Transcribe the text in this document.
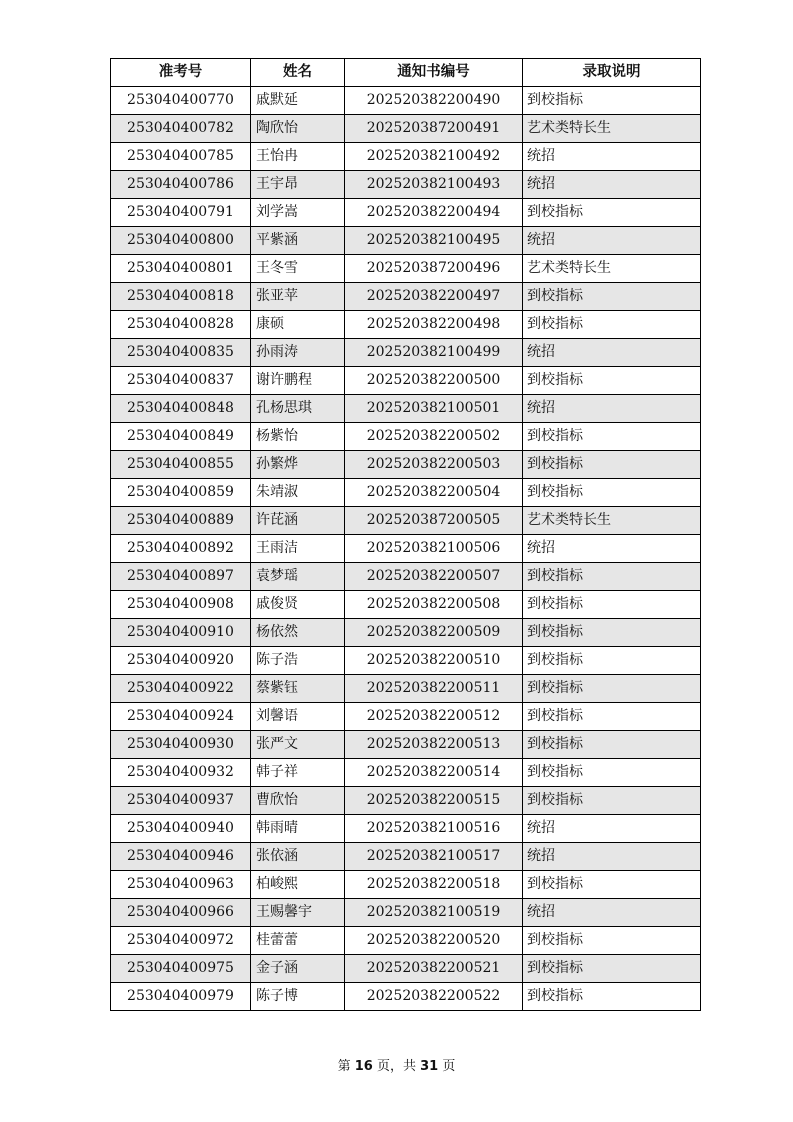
准考号	姓名	通知书编号	录取说明
253040400770	戚默延	202520382200490	到校指标
253040400782	陶欣怡	202520387200491	艺术类特长生
253040400785	王怡冉	202520382100492	统招
253040400786	王宇昂	202520382100493	统招
253040400791	刘学嵩	202520382200494	到校指标
253040400800	平紫涵	202520382100495	统招
253040400801	王冬雪	202520387200496	艺术类特长生
253040400818	张亚苹	202520382200497	到校指标
253040400828	康硕	202520382200498	到校指标
253040400835	孙雨涛	202520382100499	统招
253040400837	谢许鹏程	202520382200500	到校指标
253040400848	孔杨思琪	202520382100501	统招
253040400849	杨紫怡	202520382200502	到校指标
253040400855	孙繁烨	202520382200503	到校指标
253040400859	朱靖淑	202520382200504	到校指标
253040400889	许芘涵	202520387200505	艺术类特长生
253040400892	王雨洁	202520382100506	统招
253040400897	袁梦瑶	202520382200507	到校指标
253040400908	戚俊贤	202520382200508	到校指标
253040400910	杨依然	202520382200509	到校指标
253040400920	陈子浩	202520382200510	到校指标
253040400922	蔡紫钰	202520382200511	到校指标
253040400924	刘馨语	202520382200512	到校指标
253040400930	张严文	202520382200513	到校指标
253040400932	韩子祥	202520382200514	到校指标
253040400937	曹欣怡	202520382200515	到校指标
253040400940	韩雨晴	202520382100516	统招
253040400946	张依涵	202520382100517	统招
253040400963	柏峻熙	202520382200518	到校指标
253040400966	王赐馨宇	202520382100519	统招
253040400972	桂蕾蕾	202520382200520	到校指标
253040400975	金子涵	202520382200521	到校指标
253040400979	陈子博	202520382200522	到校指标
第 16 页，共 31 页
